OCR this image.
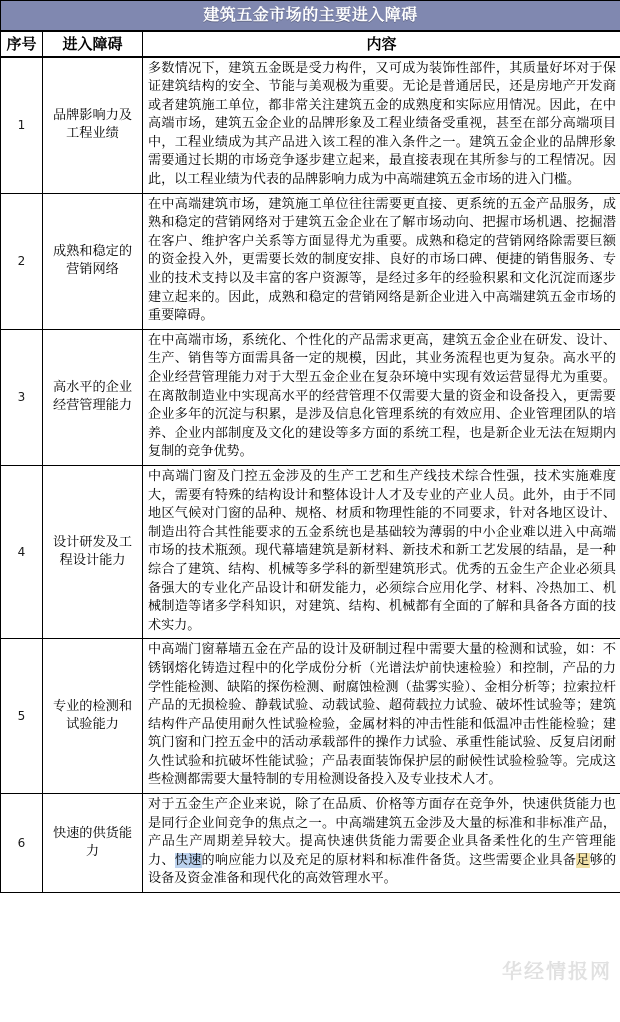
建筑五金市场的主要进入障碍		

序号	进入障碍	内容
1	品牌影响力及工程业绩	多数情况下，建筑五金既是受力构件，又可成为装饰性部件，其质量好坏对于保证建筑结构的安全、节能与美观极为重要。无论是普通居民，还是房地产开发商或者建筑施工单位，都非常关注建筑五金的成熟度和实际应用情况。因此，在中高端市场，建筑五金企业的品牌形象及工程业绩备受重视，甚至在部分高端项目中，工程业绩成为其产品进入该工程的准入条件之一。建筑五金企业的品牌形象需要通过长期的市场竞争逐步建立起来，最直接表现在其所参与的工程情况。因此，以工程业绩为代表的品牌影响力成为中高端建筑五金市场的进入门槛。
2	成熟和稳定的营销网络	在中高端建筑市场，建筑施工单位往往需要更直接、更系统的五金产品服务，成熟和稳定的营销网络对于建筑五金企业在了解市场动向、把握市场机遇、挖掘潜在客户、维护客户关系等方面显得尤为重要。成熟和稳定的营销网络除需要巨额的资金投入外，更需要长效的制度安排、良好的市场口碑、便捷的销售服务、专业的技术支持以及丰富的客户资源等，是经过多年的经验积累和文化沉淀而逐步建立起来的。因此，成熟和稳定的营销网络是新企业进入中高端建筑五金市场的重要障碍。
3	高水平的企业经营管理能力	在中高端市场，系统化、个性化的产品需求更高，建筑五金企业在研发、设计、生产、销售等方面需具备一定的规模，因此，其业务流程也更为复杂。高水平的企业经营管理能力对于大型五金企业在复杂环境中实现有效运营显得尤为重要。在离散制造业中实现高水平的经营管理不仅需要大量的资金和设备投入，更需要企业多年的沉淀与积累，是涉及信息化管理系统的有效应用、企业管理团队的培养、企业内部制度及文化的建设等多方面的系统工程，也是新企业无法在短期内复制的竞争优势。
4	设计研发及工程设计能力	中高端门窗及门控五金涉及的生产工艺和生产线技术综合性强，技术实施难度大，需要有特殊的结构设计和整体设计人才及专业的产业人员。此外，由于不同地区气候对门窗的品种、规格、材质和物理性能的不同要求，针对各地区设计、制造出符合其性能要求的五金系统也是基础较为薄弱的中小企业难以进入中高端市场的技术瓶颈。现代幕墙建筑是新材料、新技术和新工艺发展的结晶，是一种综合了建筑、结构、机械等多学科的新型建筑形式。优秀的五金生产企业必须具备强大的专业化产品设计和研发能力，必须综合应用化学、材料、冷热加工、机械制造等诸多学科知识，对建筑、结构、机械都有全面的了解和具备各方面的技术实力。
5	专业的检测和试验能力	中高端门窗幕墙五金在产品的设计及研制过程中需要大量的检测和试验，如：不锈钢熔化铸造过程中的化学成份分析（光谱法炉前快速检验）和控制，产品的力学性能检测、缺陷的探伤检测、耐腐蚀检测（盐雾实验）、金相分析等；拉索拉杆产品的无损检验、静载试验、动载试验、超荷载拉力试验、破坏性试验等；建筑结构件产品使用耐久性试验检验，金属材料的冲击性能和低温冲击性能检验；建筑门窗和门控五金中的活动承载部件的操作力试验、承重性能试验、反复启闭耐久性试验和抗破坏性能试验；产品表面装饰保护层的耐候性试验检验等。完成这些检测都需要大量特制的专用检测设备投入及专业技术人才。
6	快速的供货能力	对于五金生产企业来说，除了在品质、价格等方面存在竞争外，快速供货能力也是同行企业间竞争的焦点之一。中高端建筑五金涉及大量的标准和非标准产品，产品生产周期差异较大。提高快速供货能力需要企业具备柔性化的生产管理能力、快速的响应能力以及充足的原材料和标准件备货。这些需要企业具备足够的设备及资金准备和现代化的高效管理水平。
华经情报网
